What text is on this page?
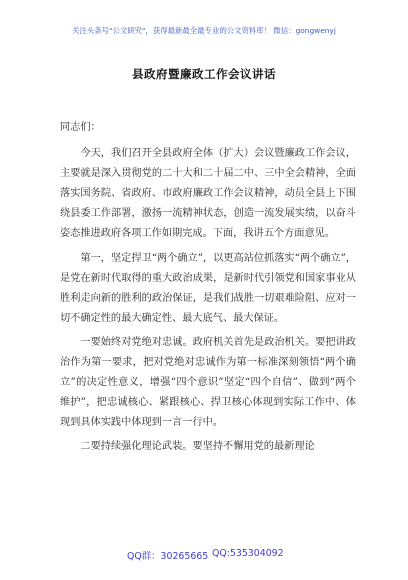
关注头条号"公文研究"，获得最新最全最专业的公文资料库！ 微信：gongwenyj
县政府暨廉政工作会议讲话

同志们：

今天，我们召开全县政府全体（扩大）会议暨廉政工作会议，主要就是深入贯彻党的二十大和二十届二中、三中全会精神，全面落实国务院、省政府、市政府廉政工作会议精神，动员全县上下围绕县委工作部署，激扬一流精神状态，创造一流发展实绩，以奋斗姿态推进政府各项工作如期完成。下面，我讲五个方面意见。

第一，坚定捍卫“两个确立”，以更高站位抓落实“两个确立”，是党在新时代取得的重大政治成果，是新时代引领党和国家事业从胜利走向新的胜利的政治保证，是我们战胜一切艰难险阻、应对一切不确定性的最大确定性、最大底气、最大保证。

一要始终对党绝对忠诚。政府机关首先是政治机关。要把讲政治作为第一要求，把对党绝对忠诚作为第一标准深刻领悟“两个确立”的决定性意义，增强“四个意识”坚定“四个自信”、做到“两个维护”，把忠诚核心、紧跟核心、捍卫核心体现到实际工作中、体现到具体实践中体现到一言一行中。

二要持续强化理论武装。要坚持不懈用党的最新理论

QQ群：30265665 QQ:535304092
